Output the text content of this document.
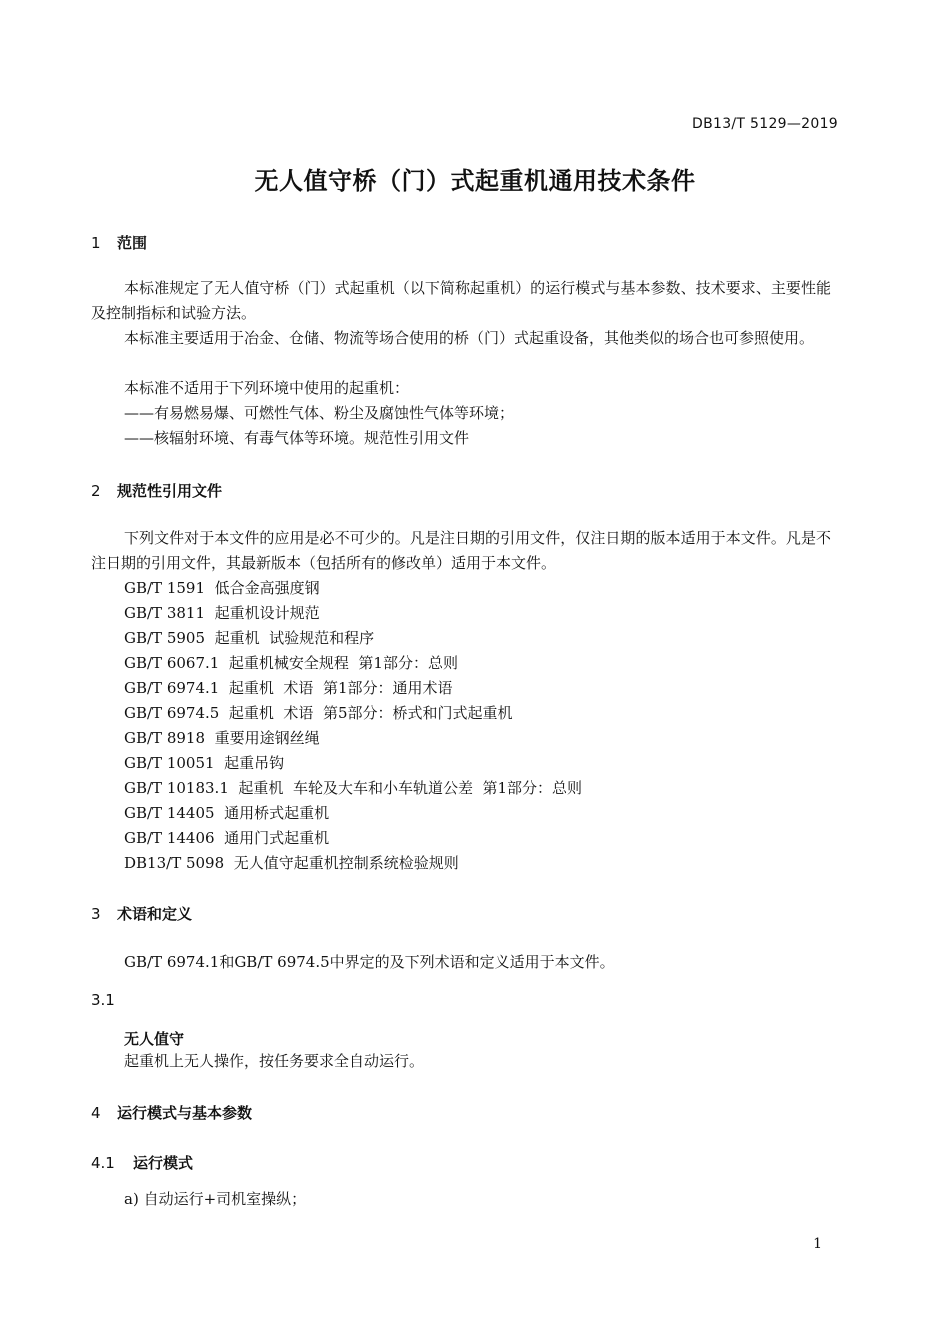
DB13/T 5129—2019
无人值守桥（门）式起重机通用技术条件
1 范围
本标准规定了无人值守桥（门）式起重机（以下简称起重机）的运行模式与基本参数、技术要求、主要性能及控制指标和试验方法。
本标准主要适用于冶金、仓储、物流等场合使用的桥（门）式起重设备，其他类似的场合也可参照使用。
本标准不适用于下列环境中使用的起重机：
——有易燃易爆、可燃性气体、粉尘及腐蚀性气体等环境；
——核辐射环境、有毒气体等环境。规范性引用文件
2 规范性引用文件
下列文件对于本文件的应用是必不可少的。凡是注日期的引用文件，仅注日期的版本适用于本文件。凡是不注日期的引用文件，其最新版本（包括所有的修改单）适用于本文件。
GB/T 1591 低合金高强度钢
GB/T 3811 起重机设计规范
GB/T 5905 起重机  试验规范和程序
GB/T 6067.1 起重机械安全规程  第1部分：总则
GB/T 6974.1 起重机  术语  第1部分：通用术语
GB/T 6974.5 起重机  术语  第5部分：桥式和门式起重机
GB/T 8918 重要用途钢丝绳
GB/T 10051 起重吊钩
GB/T 10183.1 起重机  车轮及大车和小车轨道公差  第1部分：总则
GB/T 14405 通用桥式起重机
GB/T 14406 通用门式起重机
DB13/T 5098 无人值守起重机控制系统检验规则
3 术语和定义
GB/T 6974.1和GB/T 6974.5中界定的及下列术语和定义适用于本文件。
3.1
无人值守
起重机上无人操作，按任务要求全自动运行。
4 运行模式与基本参数
4.1 运行模式
a) 自动运行+司机室操纵；
1
